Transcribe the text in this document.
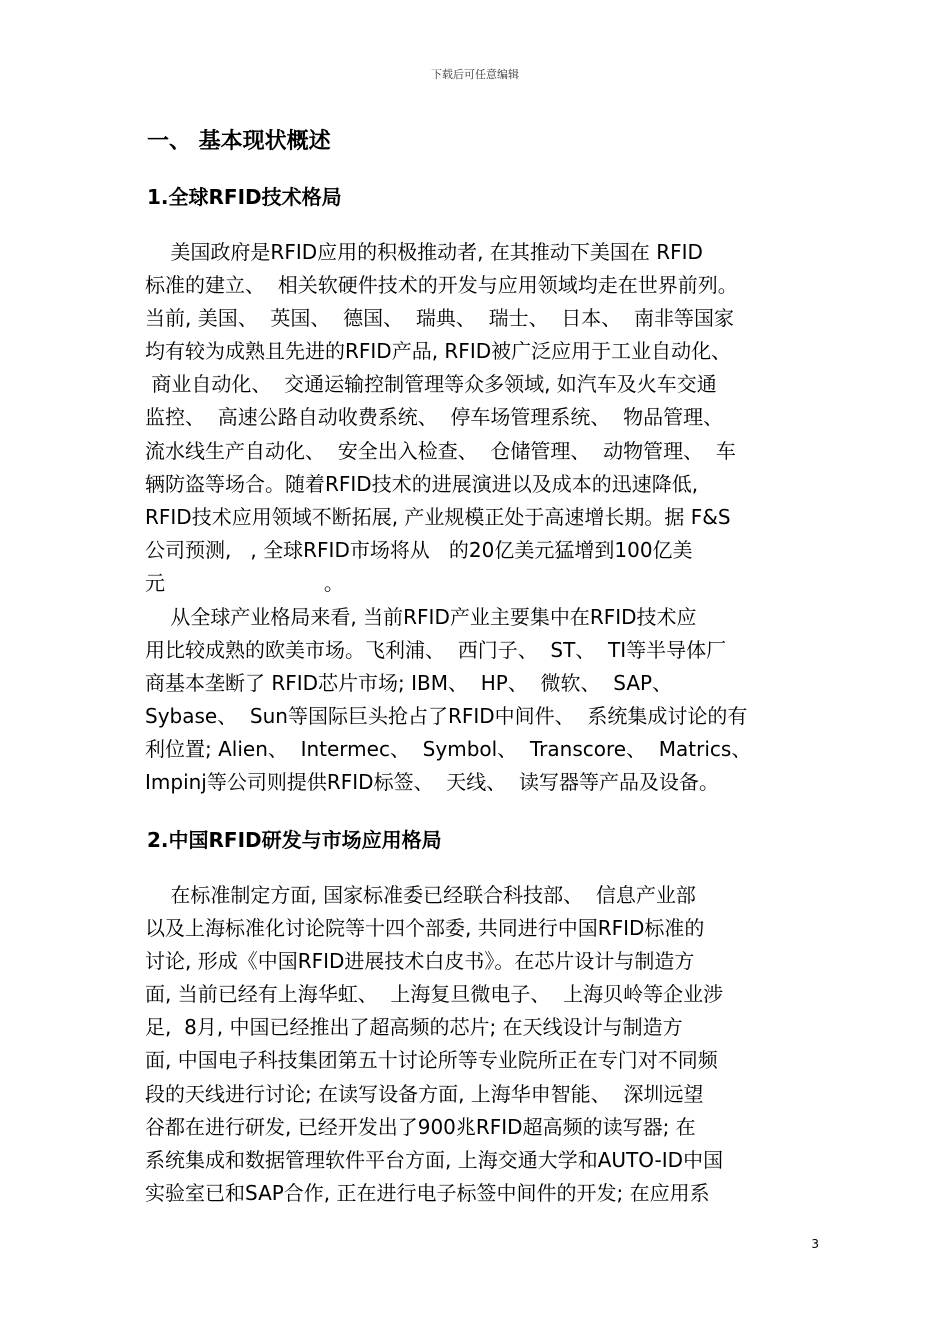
下载后可任意编辑
一、 基本现状概述
1.全球RFID技术格局
美国政府是RFID应用的积极推动者, 在其推动下美国在 RFID
标准的建立、  相关软硬件技术的开发与应用领域均走在世界前列。
当前, 美国、  英国、  德国、  瑞典、  瑞士、  日本、  南非等国家
均有较为成熟且先进的RFID产品, RFID被广泛应用于工业自动化、
商业自动化、  交通运输控制管理等众多领域, 如汽车及火车交通
监控、  高速公路自动收费系统、  停车场管理系统、  物品管理、
流水线生产自动化、  安全出入检查、  仓储管理、  动物管理、  车
辆防盗等场合。随着RFID技术的进展演进以及成本的迅速降低,
RFID技术应用领域不断拓展, 产业规模正处于高速增长期。据 F&S
公司预测,   , 全球RFID市场将从   的20亿美元猛增到100亿美
元                         。
从全球产业格局来看, 当前RFID产业主要集中在RFID技术应
用比较成熟的欧美市场。飞利浦、  西门子、  ST、  TI等半导体厂
商基本垄断了 RFID芯片市场; IBM、  HP、  微软、  SAP、
Sybase、  Sun等国际巨头抢占了RFID中间件、  系统集成讨论的有
利位置; Alien、  Intermec、  Symbol、  Transcore、  Matrics、
Impinj等公司则提供RFID标签、  天线、  读写器等产品及设备。
2.中国RFID研发与市场应用格局
在标准制定方面, 国家标准委已经联合科技部、  信息产业部
以及上海标准化讨论院等十四个部委, 共同进行中国RFID标准的
讨论, 形成《中国RFID进展技术白皮书》。在芯片设计与制造方
面, 当前已经有上海华虹、  上海复旦微电子、  上海贝岭等企业涉
足,  8月, 中国已经推出了超高频的芯片; 在天线设计与制造方
面, 中国电子科技集团第五十讨论所等专业院所正在专门对不同频
段的天线进行讨论; 在读写设备方面, 上海华申智能、  深圳远望
谷都在进行研发, 已经开发出了900兆RFID超高频的读写器; 在
系统集成和数据管理软件平台方面, 上海交通大学和AUTO-ID中国
实验室已和SAP合作, 正在进行电子标签中间件的开发; 在应用系
3
